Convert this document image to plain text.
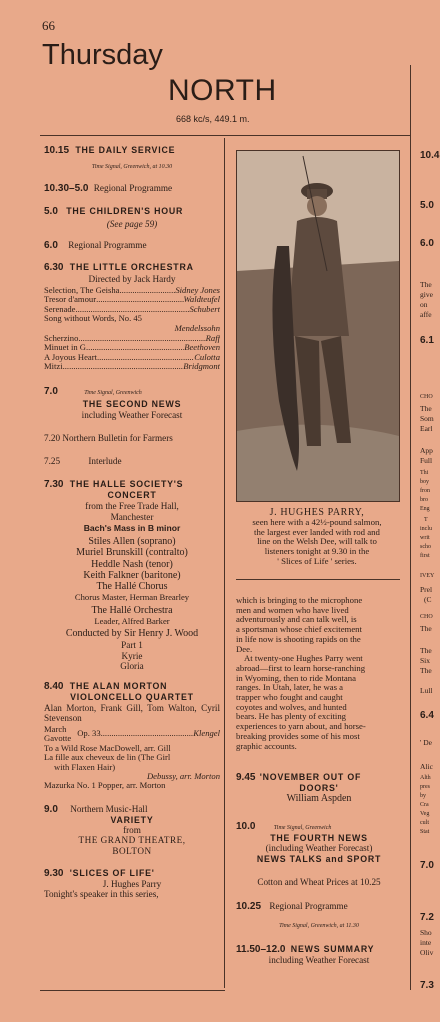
66
Thursday
NORTH
668 kc/s, 449.1 m.
10.15 THE DAILY SERVICE
Time Signal, Greenwich, at 10.30
10.30–5.0 Regional Programme
5.0 THE CHILDREN'S HOUR
(See page 59)
6.0 Regional Programme
6.30 THE LITTLE ORCHESTRA
Directed by Jack Hardy
Selection, The Geisha.... .....	Sidney Jones
Tresor d'amour .....	Waldteufel
Serenade .....	Schubert
Song without Words, No. 45
Mendelssohn
Scherzino .....	Raff
Minuet in G .....	Beethoven
A Joyous Heart .....	Culotta
Mitzi .....	Bridgmont
7.0	Time Signal, Greenwich
THE SECOND NEWS
including Weather Forecast
7.20 Northern Bulletin for Farmers
7.25	Interlude
7.30 THE HALLE SOCIETY'S
CONCERT
from the Free Trade Hall,
Manchester
Bach's Mass in B minor
Stiles Allen (soprano)
Muriel Brunskill (contralto)
Heddle Nash (tenor)
Keith Falkner (baritone)
The Hallé Chorus
Chorus Master, Herman Brearley
The Hallé Orchestra
Leader, Alfred Barker
Conducted by Sir Henry J. Wood
Part 1
Kyrie
Gloria
8.40 THE ALAN MORTON
VIOLONCELLO QUARTET
Alan Morton, Frank Gill, Tom Walton, Cyril Stevenson
March
Gavotte
Op. 33 .....	Klengel
To a Wild Rose MacDowell, arr. Gill
La fille aux cheveux de lin (The Girl
with Flaxen Hair)
Debussy, arr. Morton
Mazurka No. 1 Popper, arr. Morton
9.0 Northern Music-Hall
VARIETY
from
THE GRAND THEATRE,
BOLTON
9.30 'SLICES OF LIFE'
J. Hughes Parry
Tonight's speaker in this series,
J. HUGHES PARRY,
seen here with a 42½-pound salmon,
the largest ever landed with rod and
line on the Welsh Dee, will talk to
listeners tonight at 9.30 in the
' Slices of Life ' series.
which is bringing to the microphone
men and women who have lived
adventurously and can talk well, is
a sportsman whose chief excitement
in life now is shooting rapids on the
Dee.
At twenty-one Hughes Parry went
abroad—first to learn horse-ranching
in Wyoming, then to ride Montana
ranges. In Utah, later, he was a
trapper who fought and caught
coyotes and wolves, and hunted
bears. He has plenty of exciting
experiences to yarn about, and horse-
breaking provides some of his most
graphic accounts.
9.45 'NOVEMBER OUT OF
DOORS'
William Aspden
10.0	Time Signal, Greenwich
THE FOURTH NEWS
(including Weather Forecast)
NEWS TALKS and SPORT
Cotton and Wheat Prices at 10.25
10.25 Regional Programme
Time Signal, Greenwich, at 11.30
11.50–12.0 NEWS SUMMARY
including Weather Forecast
10.4
5.0
6.0
The
give
on
affe
6.1
CHO
The
Som
Earl
App
Full
Thi
boy
fron
bro
Eng
T
inclu
writ
scho
first
IVEY
Prel
(C
CHO
The
The
Six
The
Lull
6.4
' De
Alic
Alth
pres
by
Cra
Veg
cult
Stat
7.0
7.2
Sho
inte
Oliv
7.3
